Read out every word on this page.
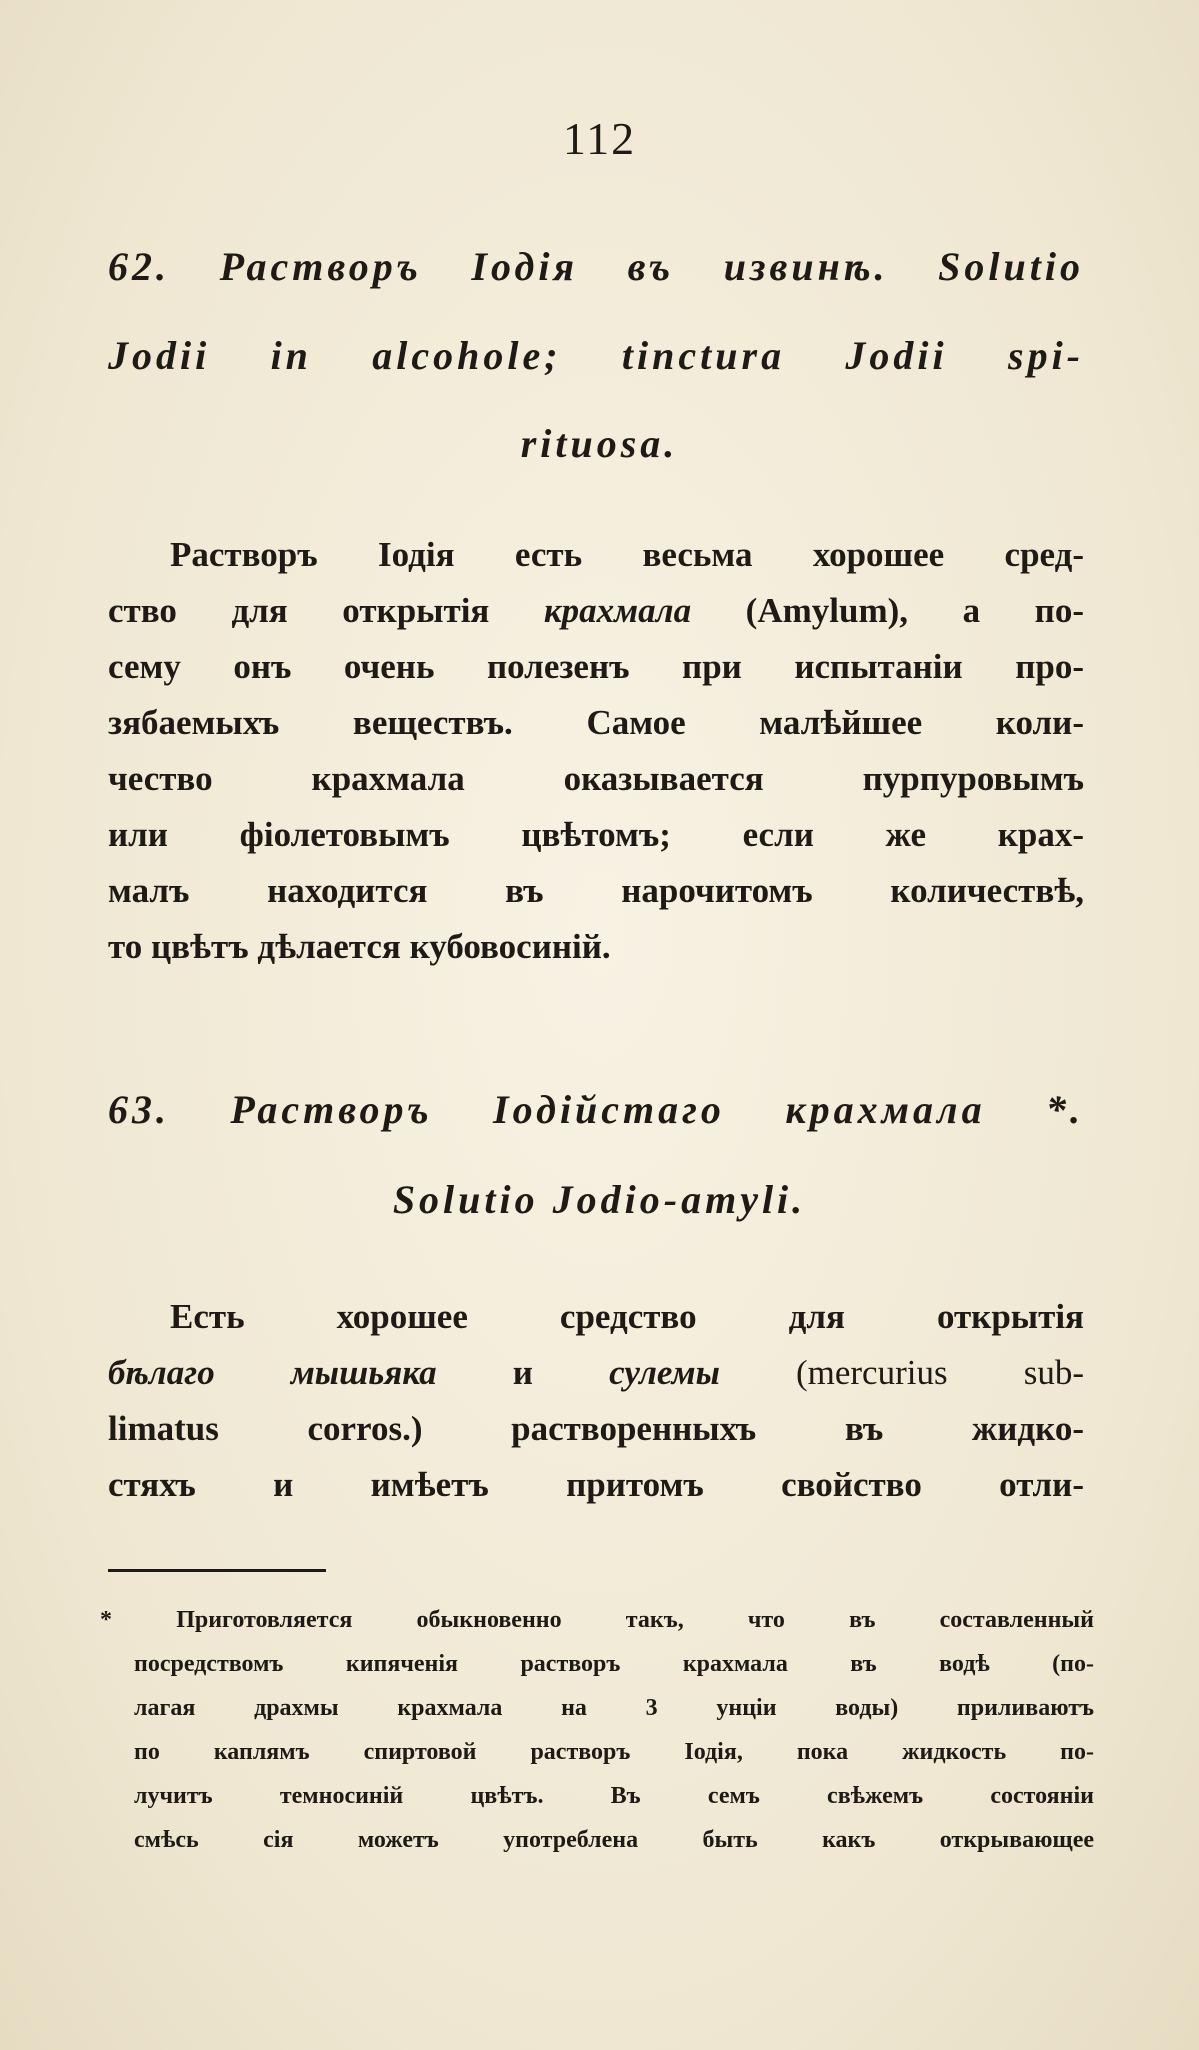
112
62. Растворъ Іодія въ извинѣ. Solutio
Jodii in alcohole; tinctura Jodii spi-
rituosa.
Растворъ Іодія есть весьма хорошее сред-
ство для открытія крахмала (Amylum), а по-
сему онъ очень полезенъ при испытаніи про-
зябаемыхъ веществъ. Самое малѣйшее коли-
чество крахмала оказывается пурпуровымъ
или фіолетовымъ цвѣтомъ; если же крах-
малъ находится въ нарочитомъ количествѣ,
то цвѣтъ дѣлается кубовосиній.
63. Растворъ Іодійстаго крахмала *.
Solutio Jodio-amyli.
Есть хорошее средство для открытія
бѣлаго мышьяка и сулемы (mercurius sub-
limatus corros.) растворенныхъ въ жидко-
стяхъ и имѣетъ притомъ свойство отли-
* Приготовляется обыкновенно такъ, что въ составленный
посредствомъ кипяченія растворъ крахмала въ водѣ (по-
лагая драхмы крахмала на 3 унціи воды) приливаютъ
по каплямъ спиртовой растворъ Іодія, пока жидкость по-
лучитъ темносиній цвѣтъ. Въ семъ свѣжемъ состояніи
смѣсь сія можетъ употреблена быть какъ открывающее
